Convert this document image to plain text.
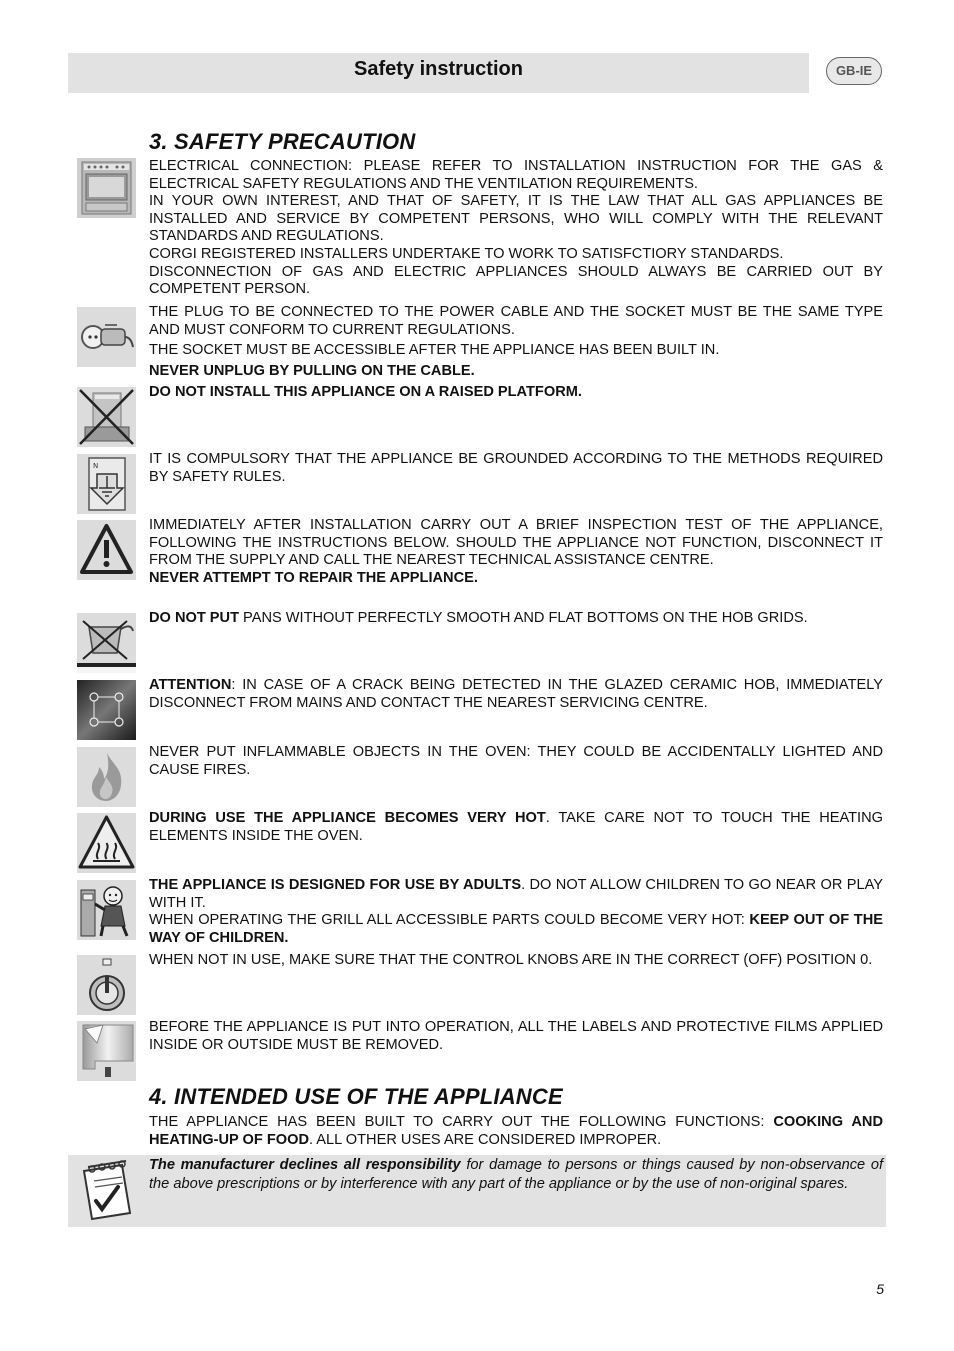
Safety instruction	GB-IE
3. SAFETY PRECAUTION

ELECTRICAL CONNECTION: PLEASE REFER TO INSTALLATION INSTRUCTION FOR THE GAS & ELECTRICAL SAFETY REGULATIONS AND THE VENTILATION REQUIREMENTS.

IN YOUR OWN INTEREST, AND THAT OF SAFETY, IT IS THE LAW THAT ALL GAS APPLIANCES BE INSTALLED AND SERVICE BY COMPETENT PERSONS, WHO WILL COMPLY WITH THE RELEVANT STANDARDS AND REGULATIONS.

CORGI REGISTERED INSTALLERS UNDERTAKE TO WORK TO SATISFCTIORY STANDARDS.

DISCONNECTION OF GAS AND ELECTRIC APPLIANCES SHOULD ALWAYS BE CARRIED OUT BY COMPETENT PERSON.

THE PLUG TO BE CONNECTED TO THE POWER CABLE AND THE SOCKET MUST BE THE SAME TYPE AND MUST CONFORM TO CURRENT REGULATIONS.

THE SOCKET MUST BE ACCESSIBLE AFTER THE APPLIANCE HAS BEEN BUILT IN.

NEVER UNPLUG BY PULLING ON THE CABLE.

DO NOT INSTALL THIS APPLIANCE ON A RAISED PLATFORM.
N	IT IS COMPULSORY THAT THE APPLIANCE BE GROUNDED ACCORDING TO THE METHODS REQUIRED BY SAFETY RULES.

IMMEDIATELY AFTER INSTALLATION CARRY OUT A BRIEF INSPECTION TEST OF THE APPLIANCE, FOLLOWING THE INSTRUCTIONS BELOW. SHOULD THE APPLIANCE NOT FUNCTION, DISCONNECT IT FROM THE SUPPLY AND CALL THE NEAREST TECHNICAL ASSISTANCE CENTRE.

NEVER ATTEMPT TO REPAIR THE APPLIANCE.

DO NOT PUT PANS WITHOUT PERFECTLY SMOOTH AND FLAT BOTTOMS ON THE HOB GRIDS.
ATTENTION: IN CASE OF A CRACK BEING DETECTED IN THE GLAZED CERAMIC HOB, IMMEDIATELY DISCONNECT FROM MAINS AND CONTACT THE NEAREST SERVICING CENTRE.
NEVER PUT INFLAMMABLE OBJECTS IN THE OVEN: THEY COULD BE ACCIDENTALLY LIGHTED AND CAUSE FIRES.
DURING USE THE APPLIANCE BECOMES VERY HOT. TAKE CARE NOT TO TOUCH THE HEATING ELEMENTS INSIDE THE OVEN.

THE APPLIANCE IS DESIGNED FOR USE BY ADULTS. DO NOT ALLOW CHILDREN TO GO NEAR OR PLAY WITH IT.

WHEN OPERATING THE GRILL ALL ACCESSIBLE PARTS COULD BECOME VERY HOT: KEEP OUT OF THE WAY OF CHILDREN.

WHEN NOT IN USE, MAKE SURE THAT THE CONTROL KNOBS ARE IN THE CORRECT (OFF) POSITION 0.
BEFORE THE APPLIANCE IS PUT INTO OPERATION, ALL THE LABELS AND PROTECTIVE FILMS APPLIED INSIDE OR OUTSIDE MUST BE REMOVED.
4. INTENDED USE OF THE APPLIANCE
THE APPLIANCE HAS BEEN BUILT TO CARRY OUT THE FOLLOWING FUNCTIONS: COOKING AND HEATING-UP OF FOOD. ALL OTHER USES ARE CONSIDERED IMPROPER.
The manufacturer declines all responsibility for damage to persons or things caused by non-observance of the above prescriptions or by interference with any part of the appliance or by the use of non-original spares.
5
